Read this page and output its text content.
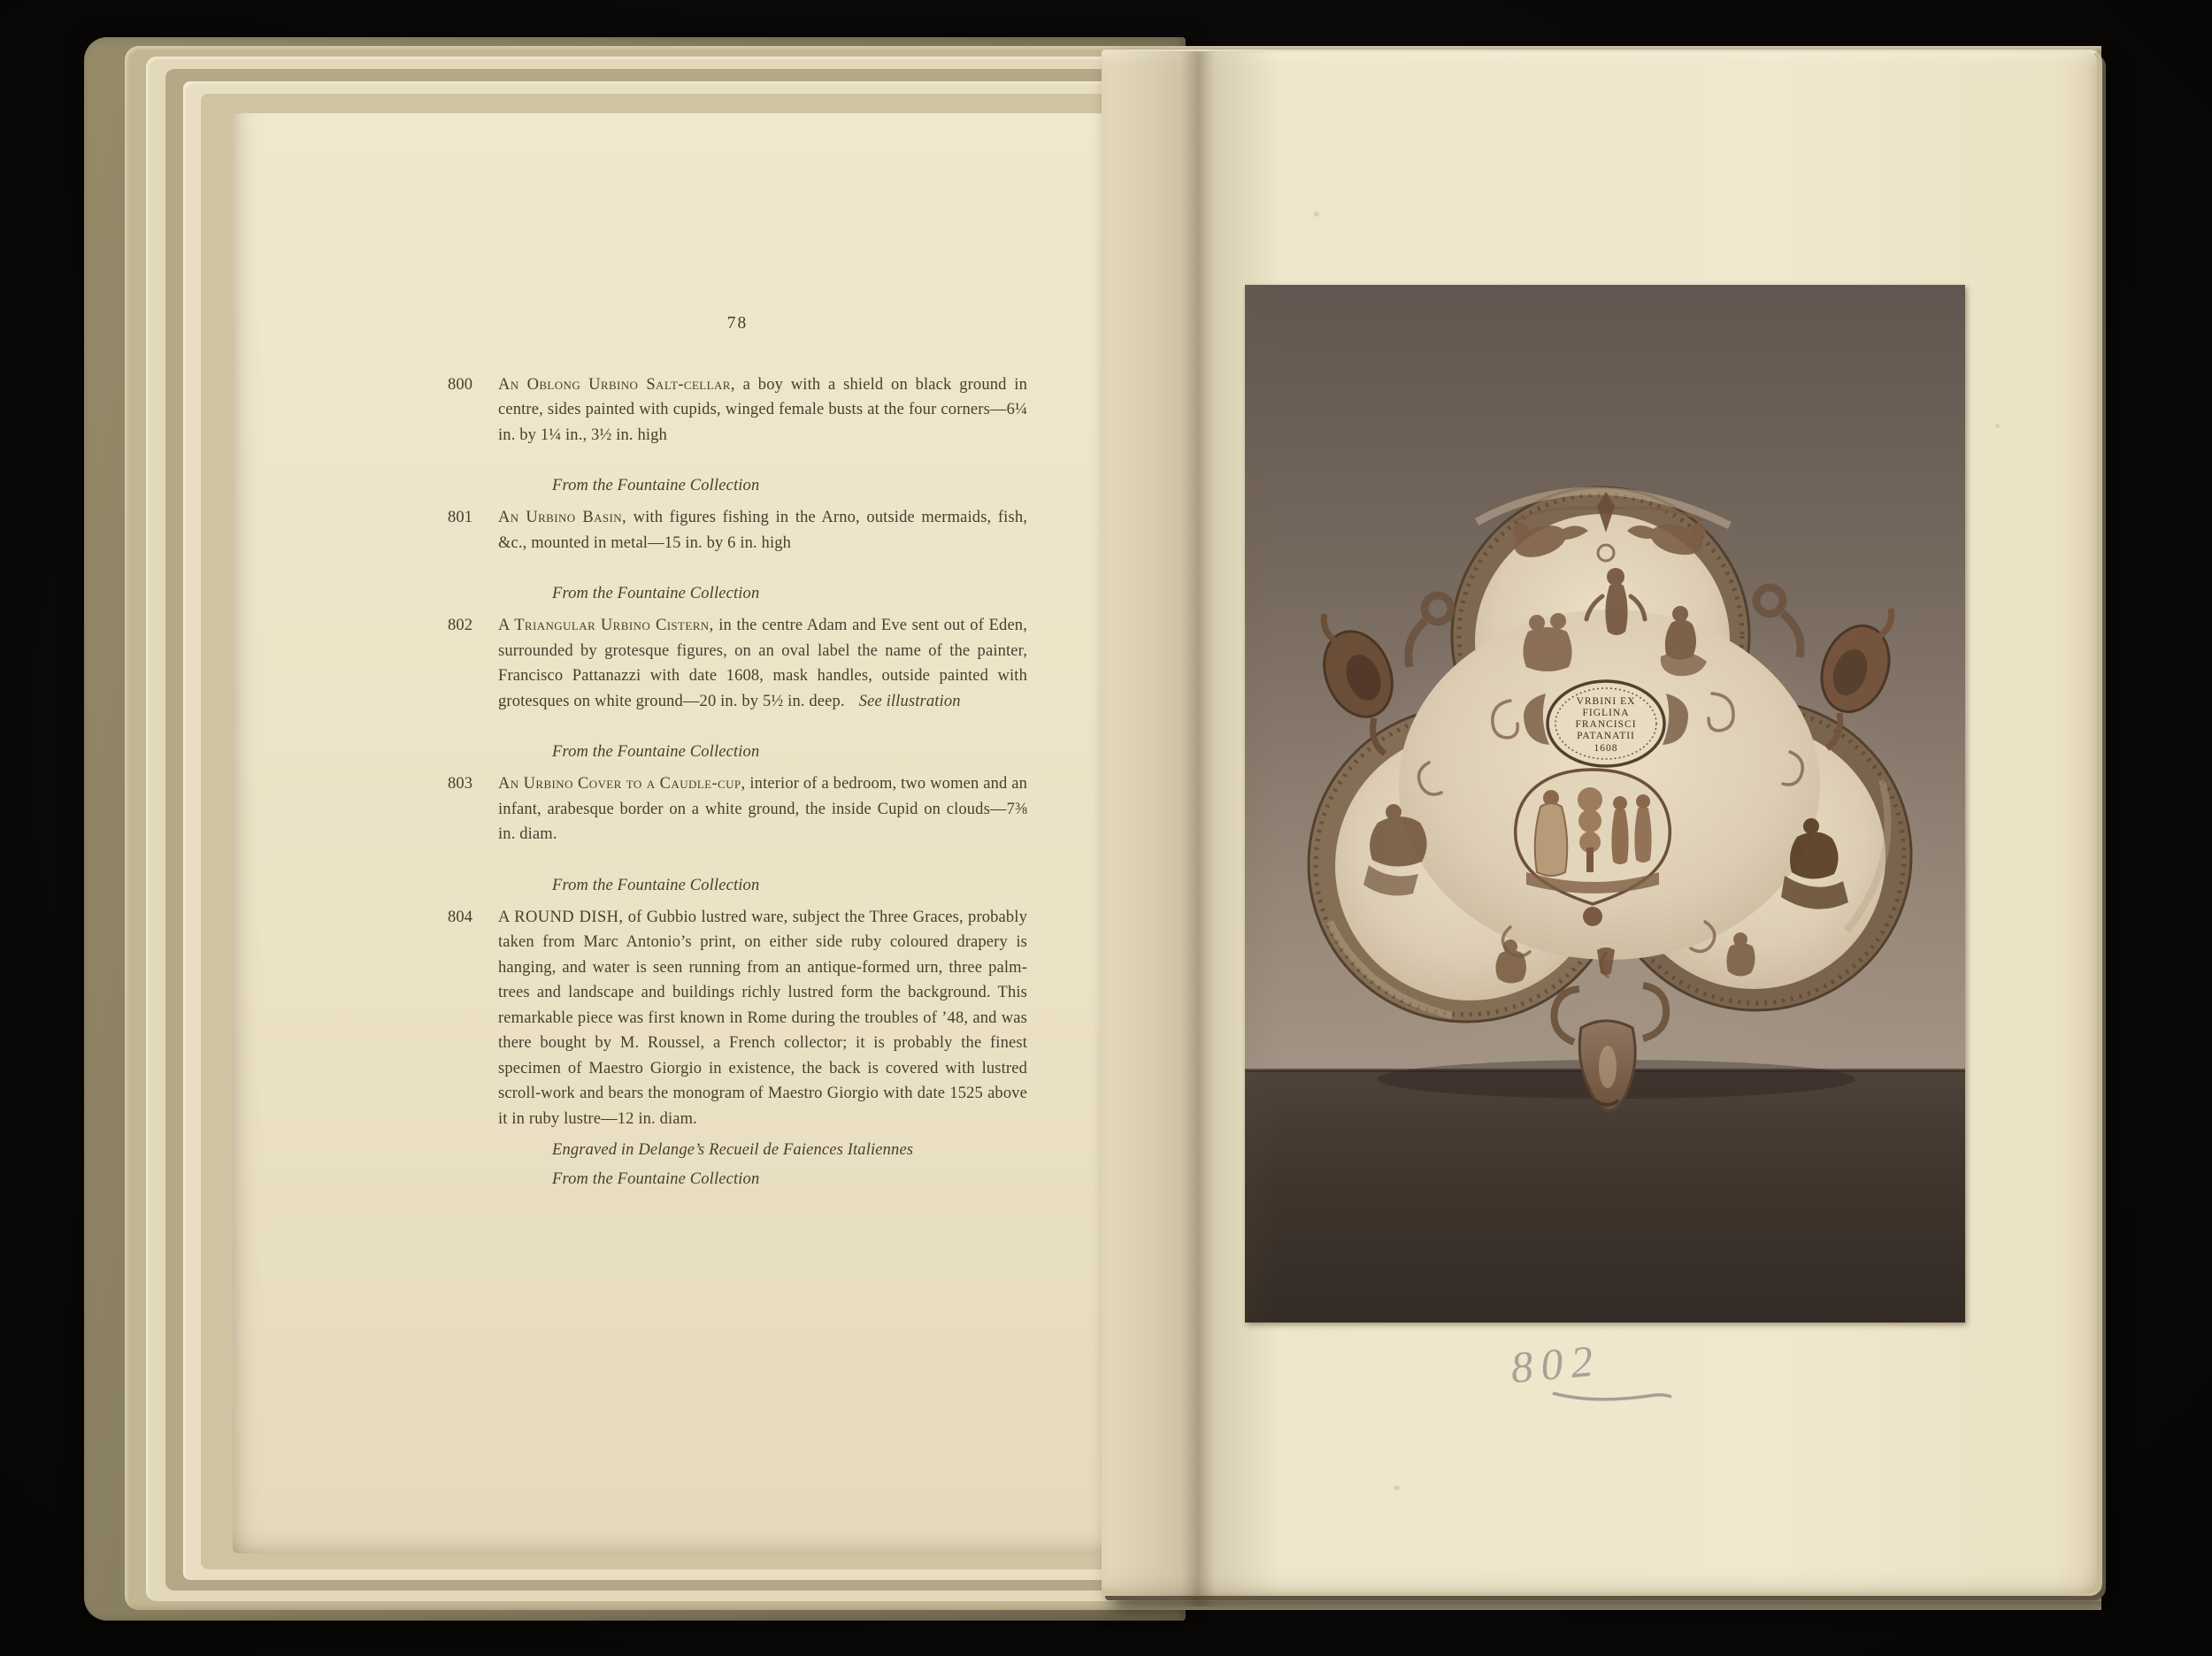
78

800 An Oblong Urbino Salt-cellar, a boy with a shield on black ground in centre, sides painted with cupids, winged female busts at the four corners—6¼ in. by 1¼ in., 3½ in. high

From the Fountaine Collection

801 An Urbino Basin, with figures fishing in the Arno, outside mermaids, fish, &c., mounted in metal—15 in. by 6 in. high

From the Fountaine Collection

802 A Triangular Urbino Cistern, in the centre Adam and Eve sent out of Eden, surrounded by grotesque figures, on an oval label the name of the painter, Francisco Pattanazzi with date 1608, mask handles, outside painted with grotesques on white ground—20 in. by 5½ in. deep. See illustration

From the Fountaine Collection

803 An Urbino Cover to a Caudle-cup, interior of a bedroom, two women and an infant, arabesque border on a white ground, the inside Cupid on clouds—7⅜ in. diam.

From the Fountaine Collection

804 A ROUND DISH, of Gubbio lustred ware, subject the Three Graces, probably taken from Marc Antonio’s print, on either side ruby coloured drapery is hanging, and water is seen running from an antique-formed urn, three palm-trees and landscape and buildings richly lustred form the background. This remarkable piece was first known in Rome during the troubles of ’48, and was there bought by M. Roussel, a French collector; it is probably the finest specimen of Maestro Giorgio in existence, the back is covered with lustred scroll-work and bears the monogram of Maestro Giorgio with date 1525 above it in ruby lustre—12 in. diam.

Engraved in Delange’s Recueil de Faiences Italiennes
From the Fountaine Collection
VRBINI EX
FIGLINA
FRANCISCI
PATANATII
1608
802
